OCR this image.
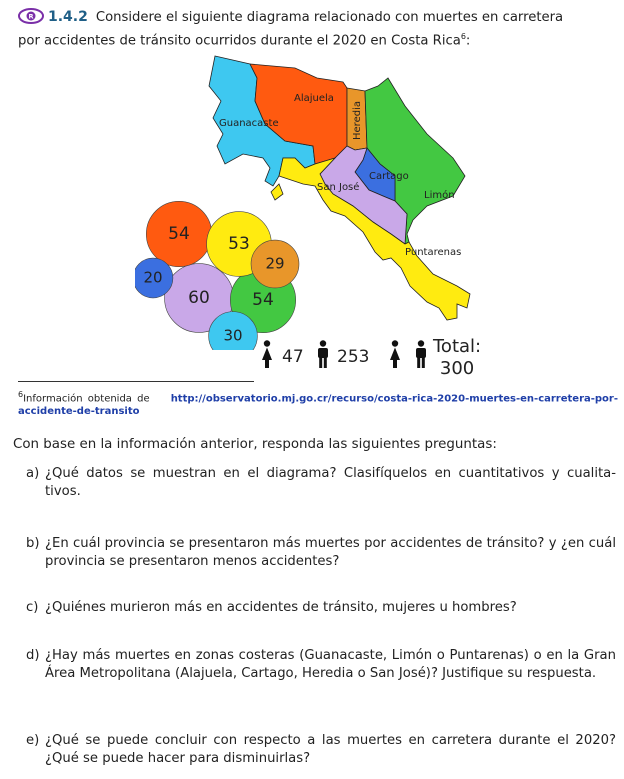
R 1.4.2 Considere el siguiente diagrama relacionado con muertes en carretera
por accidentes de tránsito ocurridos durante el 2020 en Costa Rica$^6$:
Alajuela
Guanacaste	Heredia
Cartago
San José
Limón
Puntarenas
54 53
29
20
60 54
30
47 253	Total:
300
$^6$Información obtenida de http://observatorio.mj.go.cr/recurso/costa-rica-2020-muertes-en-carretera-por-accidente-de-transito
Con base en la información anterior, responda las siguientes preguntas:
a) ¿Qué datos se muestran en el diagrama? Clasifíquelos en cuantitativos y cualita- tivos.
b) ¿En cuál provincia se presentaron más muertes por accidentes de tránsito? y ¿en cuál provincia se presentaron menos accidentes?
c) ¿Quiénes murieron más en accidentes de tránsito, mujeres u hombres?
d) ¿Hay más muertes en zonas costeras (Guanacaste, Limón o Puntarenas) o en la Gran Área Metropolitana (Alajuela, Cartago, Heredia o San José)? Justifique su respuesta.
e) ¿Qué se puede concluir con respecto a las muertes en carretera durante el 2020? ¿Qué se puede hacer para disminuirlas?
